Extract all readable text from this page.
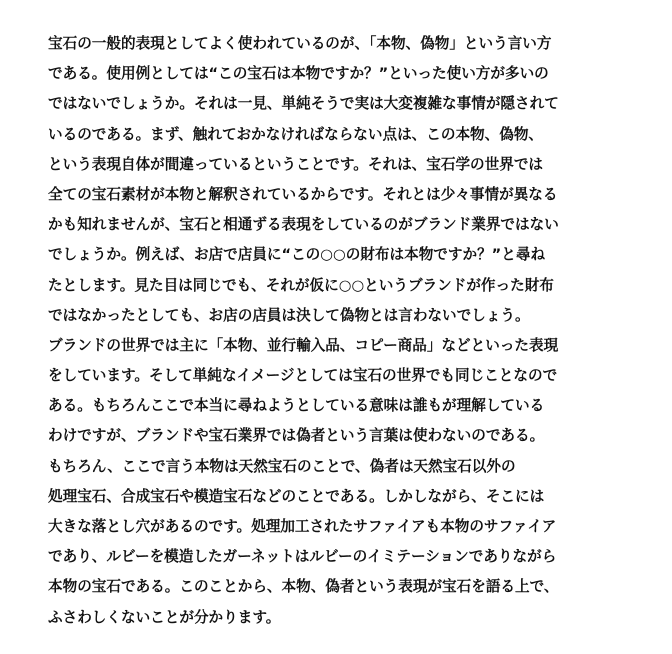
宝石の一般的表現としてよく使われているのが、「本物、偽物」という言い方
である。使用例としては“この宝石は本物ですか？”といった使い方が多いの
ではないでしょうか。それは一見、単純そうで実は大変複雑な事情が隠されて
いるのである。まず、触れておかなければならない点は、この本物、偽物、
という表現自体が間違っているということです。それは、宝石学の世界では
全ての宝石素材が本物と解釈されているからです。それとは少々事情が異なる
かも知れませんが、宝石と相通ずる表現をしているのがブランド業界ではない
でしょうか。例えば、お店で店員に“この○○の財布は本物ですか？”と尋ね
たとします。見た目は同じでも、それが仮に○○というブランドが作った財布
ではなかったとしても、お店の店員は決して偽物とは言わないでしょう。
ブランドの世界では主に「本物、並行輸入品、コピー商品」などといった表現
をしています。そして単純なイメージとしては宝石の世界でも同じことなので
ある。もちろんここで本当に尋ねようとしている意味は誰もが理解している
わけですが、ブランドや宝石業界では偽者という言葉は使わないのである。
もちろん、ここで言う本物は天然宝石のことで、偽者は天然宝石以外の
処理宝石、合成宝石や模造宝石などのことである。しかしながら、そこには
大きな落とし穴があるのです。処理加工されたサファイアも本物のサファイア
であり、ルビーを模造したガーネットはルビーのイミテーションでありながら
本物の宝石である。このことから、本物、偽者という表現が宝石を語る上で、
ふさわしくないことが分かります。
